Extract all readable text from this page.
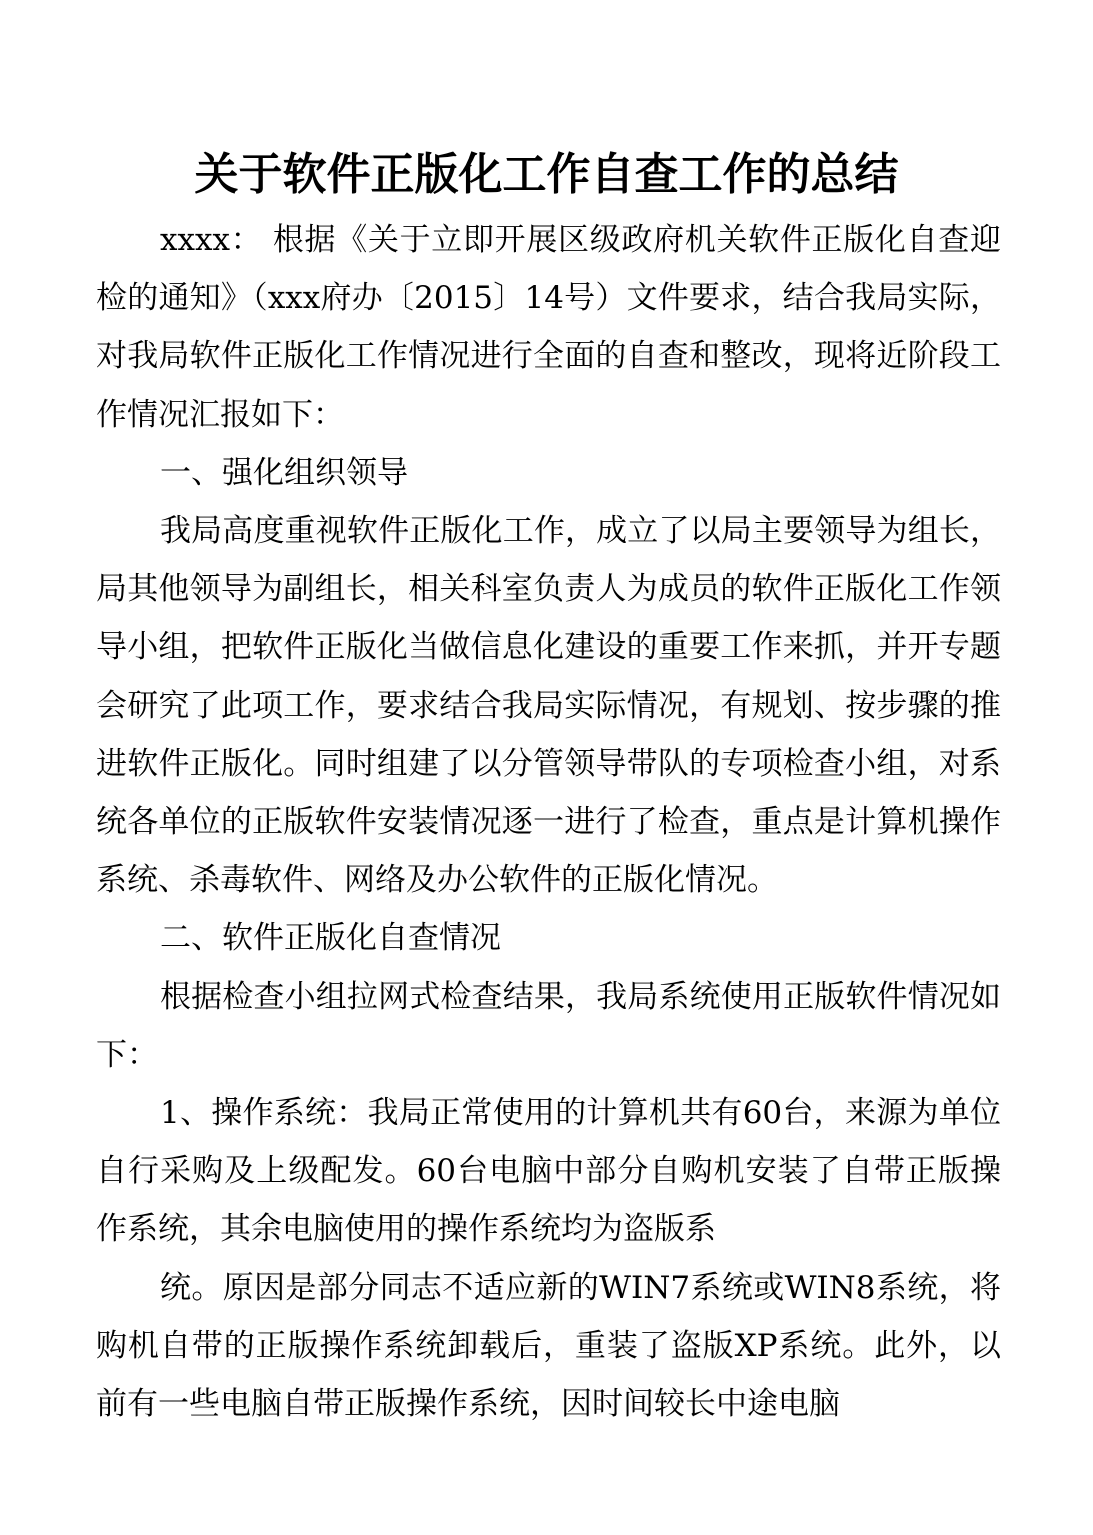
关于软件正版化工作自查工作的总结

xxxx： 根据《关于立即开展区级政府机关软件正版化自查迎检的通知》（xxx府办〔2015〕14号）文件要求，结合我局实际，对我局软件正版化工作情况进行全面的自查和整改，现将近阶段工作情况汇报如下：

一、强化组织领导

我局高度重视软件正版化工作，成立了以局主要领导为组长，局其他领导为副组长，相关科室负责人为成员的软件正版化工作领导小组，把软件正版化当做信息化建设的重要工作来抓，并开专题会研究了此项工作，要求结合我局实际情况，有规划、按步骤的推进软件正版化。同时组建了以分管领导带队的专项检查小组，对系统各单位的正版软件安装情况逐一进行了检查，重点是计算机操作系统、杀毒软件、网络及办公软件的正版化情况。

二、软件正版化自查情况

根据检查小组拉网式检查结果，我局系统使用正版软件情况如下：

1、操作系统：我局正常使用的计算机共有60台，来源为单位自行采购及上级配发。60台电脑中部分自购机安装了自带正版操作系统，其余电脑使用的操作系统均为盗版系

统。原因是部分同志不适应新的WIN7系统或WIN8系统，将购机自带的正版操作系统卸载后，重装了盗版XP系统。此外，以前有一些电脑自带正版操作系统，因时间较长中途电脑
